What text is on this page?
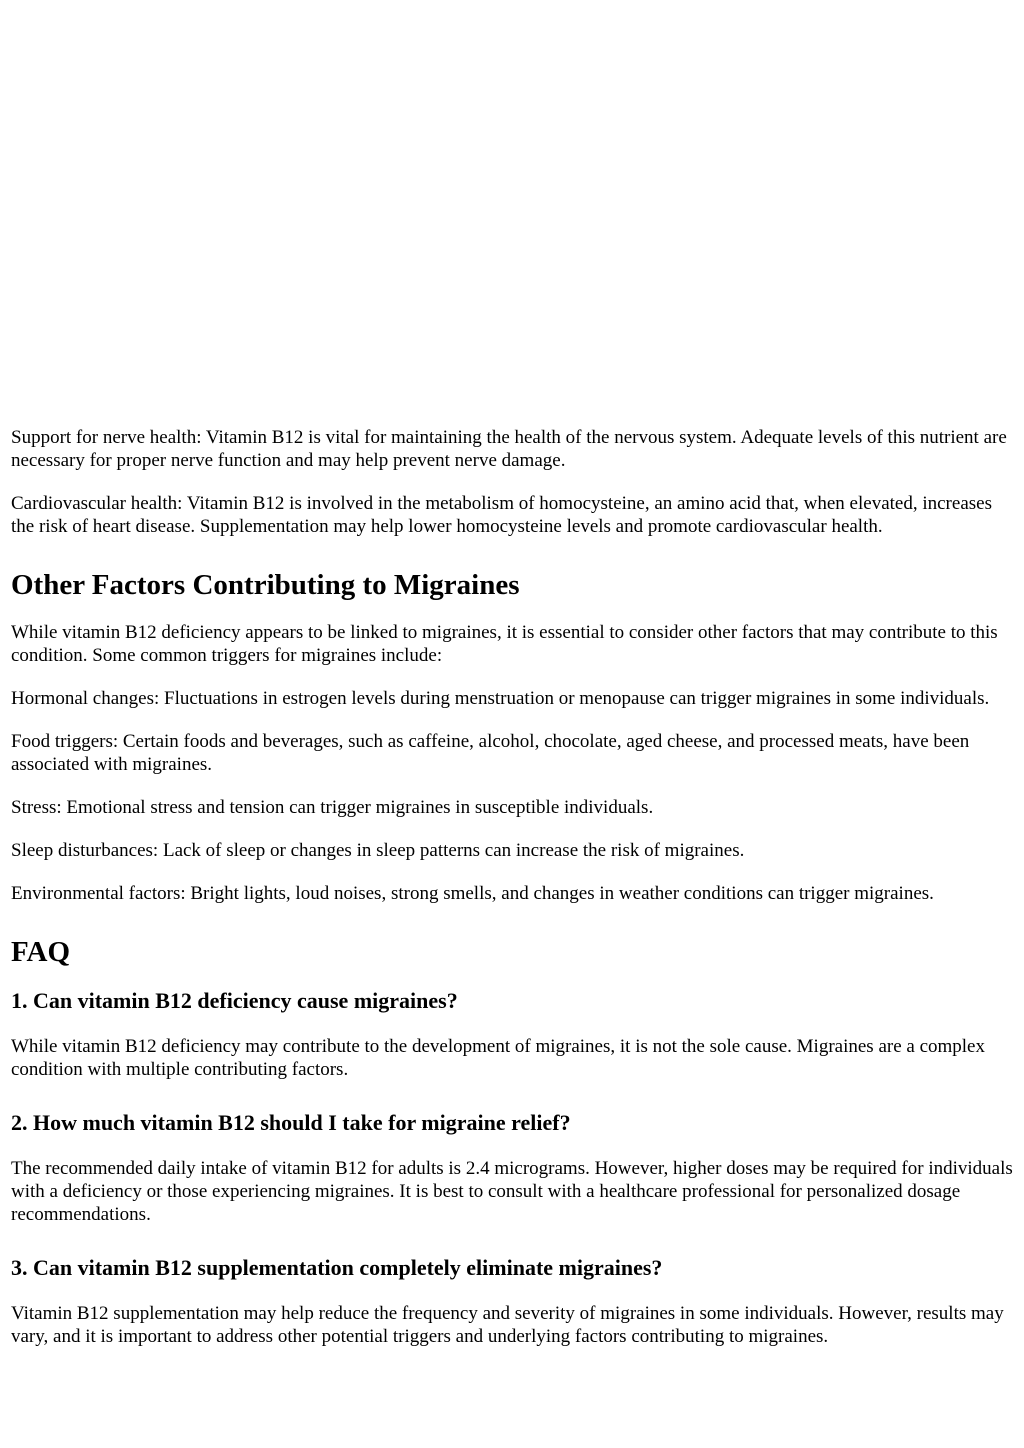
Support for nerve health: Vitamin B12 is vital for maintaining the health of the nervous system. Adequate levels of this nutrient are necessary for proper nerve function and may help prevent nerve damage.

Cardiovascular health: Vitamin B12 is involved in the metabolism of homocysteine, an amino acid that, when elevated, increases the risk of heart disease. Supplementation may help lower homocysteine levels and promote cardiovascular health.

Other Factors Contributing to Migraines

While vitamin B12 deficiency appears to be linked to migraines, it is essential to consider other factors that may contribute to this condition. Some common triggers for migraines include:

Hormonal changes: Fluctuations in estrogen levels during menstruation or menopause can trigger migraines in some individuals.

Food triggers: Certain foods and beverages, such as caffeine, alcohol, chocolate, aged cheese, and processed meats, have been associated with migraines.

Stress: Emotional stress and tension can trigger migraines in susceptible individuals.

Sleep disturbances: Lack of sleep or changes in sleep patterns can increase the risk of migraines.

Environmental factors: Bright lights, loud noises, strong smells, and changes in weather conditions can trigger migraines.

FAQ
1. Can vitamin B12 deficiency cause migraines?

While vitamin B12 deficiency may contribute to the development of migraines, it is not the sole cause. Migraines are a complex condition with multiple contributing factors.

2. How much vitamin B12 should I take for migraine relief?

The recommended daily intake of vitamin B12 for adults is 2.4 micrograms. However, higher doses may be required for individuals with a deficiency or those experiencing migraines. It is best to consult with a healthcare professional for personalized dosage recommendations.

3. Can vitamin B12 supplementation completely eliminate migraines?

Vitamin B12 supplementation may help reduce the frequency and severity of migraines in some individuals. However, results may vary, and it is important to address other potential triggers and underlying factors contributing to migraines.
